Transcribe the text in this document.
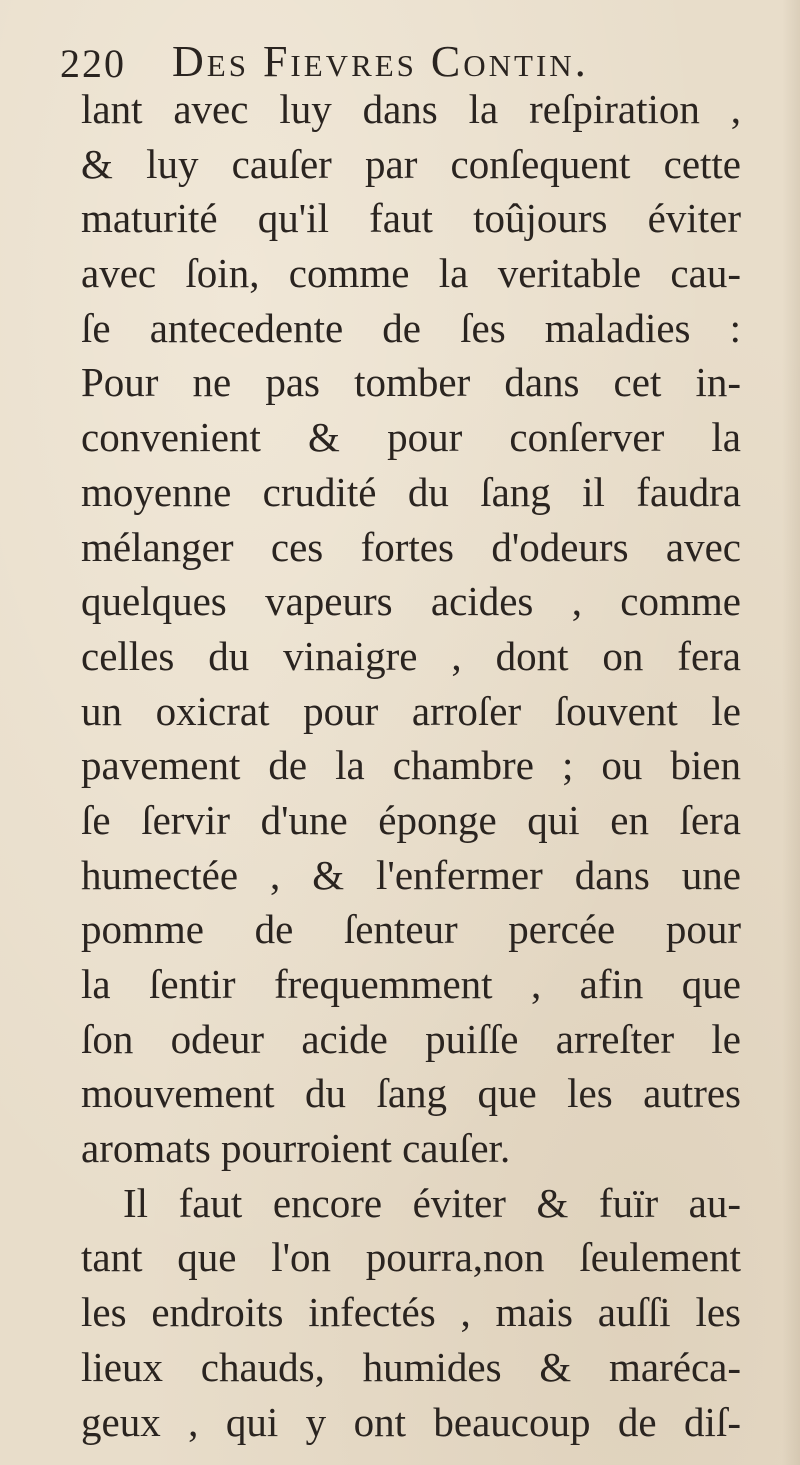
220 Des Fievres Contin.
lant avec luy dans la reſpiration ,
& luy cauſer par conſequent cette
maturité qu'il faut toûjours éviter
avec ſoin, comme la veritable cau-
ſe antecedente de ſes maladies :
Pour ne pas tomber dans cet in-
convenient & pour conſerver la
moyenne crudité du ſang il faudra
mélanger ces fortes d'odeurs avec
quelques vapeurs acides , comme
celles du vinaigre , dont on fera
un oxicrat pour arroſer ſouvent le
pavement de la chambre ; ou bien
ſe ſervir d'une éponge qui en ſera
humectée , & l'enfermer dans une
pomme de ſenteur percée pour
la ſentir frequemment , afin que
ſon odeur acide puiſſe arreſter le
mouvement du ſang que les autres
aromats pourroient cauſer.
Il faut encore éviter & fuïr au-
tant que l'on pourra,non ſeulement
les endroits infectés , mais auſſi les
lieux chauds, humides & maréca-
geux , qui y ont beaucoup de diſ-
